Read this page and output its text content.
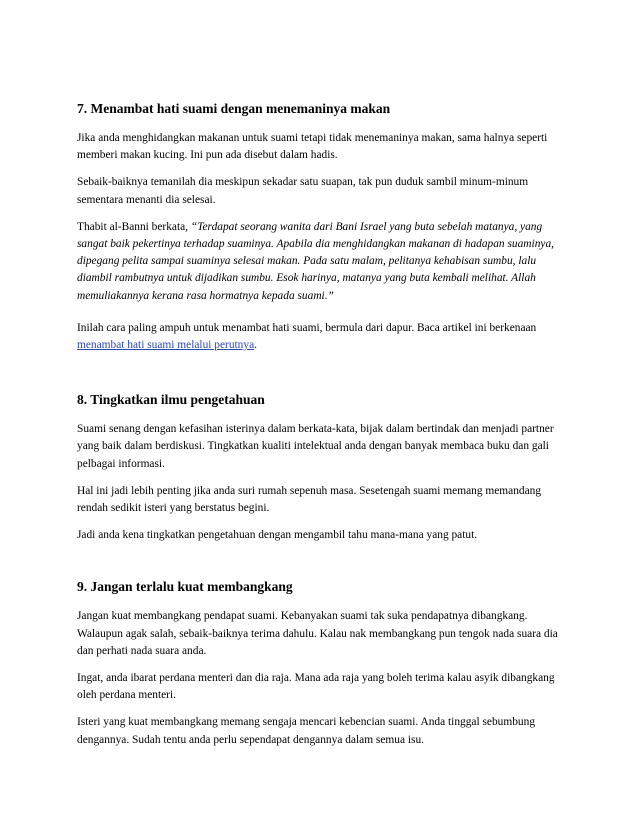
7. Menambat hati suami dengan menemaninya makan

Jika anda menghidangkan makanan untuk suami tetapi tidak menemaninya makan, sama halnya seperti memberi makan kucing. Ini pun ada disebut dalam hadis.

Sebaik-baiknya temanilah dia meskipun sekadar satu suapan, tak pun duduk sambil minum-minum sementara menanti dia selesai.

Thabit al-Banni berkata, “Terdapat seorang wanita dari Bani Israel yang buta sebelah matanya, yang sangat baik pekertinya terhadap suaminya. Apabila dia menghidangkan makanan di hadapan suaminya, dipegang pelita sampai suaminya selesai makan. Pada satu malam, pelitanya kehabisan sumbu, lalu diambil rambutnya untuk dijadikan sumbu. Esok harinya, matanya yang buta kembali melihat. Allah memuliakannya kerana rasa hormatnya kepada suami.”

Inilah cara paling ampuh untuk menambat hati suami, bermula dari dapur. Baca artikel ini berkenaan menambat hati suami melalui perutnya.

8. Tingkatkan ilmu pengetahuan

Suami senang dengan kefasihan isterinya dalam berkata-kata, bijak dalam bertindak dan menjadi partner yang baik dalam berdiskusi. Tingkatkan kualiti intelektual anda dengan banyak membaca buku dan gali pelbagai informasi.

Hal ini jadi lebih penting jika anda suri rumah sepenuh masa. Sesetengah suami memang memandang rendah sedikit isteri yang berstatus begini.

Jadi anda kena tingkatkan pengetahuan dengan mengambil tahu mana-mana yang patut.

9. Jangan terlalu kuat membangkang

Jangan kuat membangkang pendapat suami. Kebanyakan suami tak suka pendapatnya dibangkang. Walaupun agak salah, sebaik-baiknya terima dahulu. Kalau nak membangkang pun tengok nada suara dia dan perhati nada suara anda.

Ingat, anda ibarat perdana menteri dan dia raja. Mana ada raja yang boleh terima kalau asyik dibangkang oleh perdana menteri.

Isteri yang kuat membangkang memang sengaja mencari kebencian suami. Anda tinggal sebumbung dengannya. Sudah tentu anda perlu sependapat dengannya dalam semua isu.
